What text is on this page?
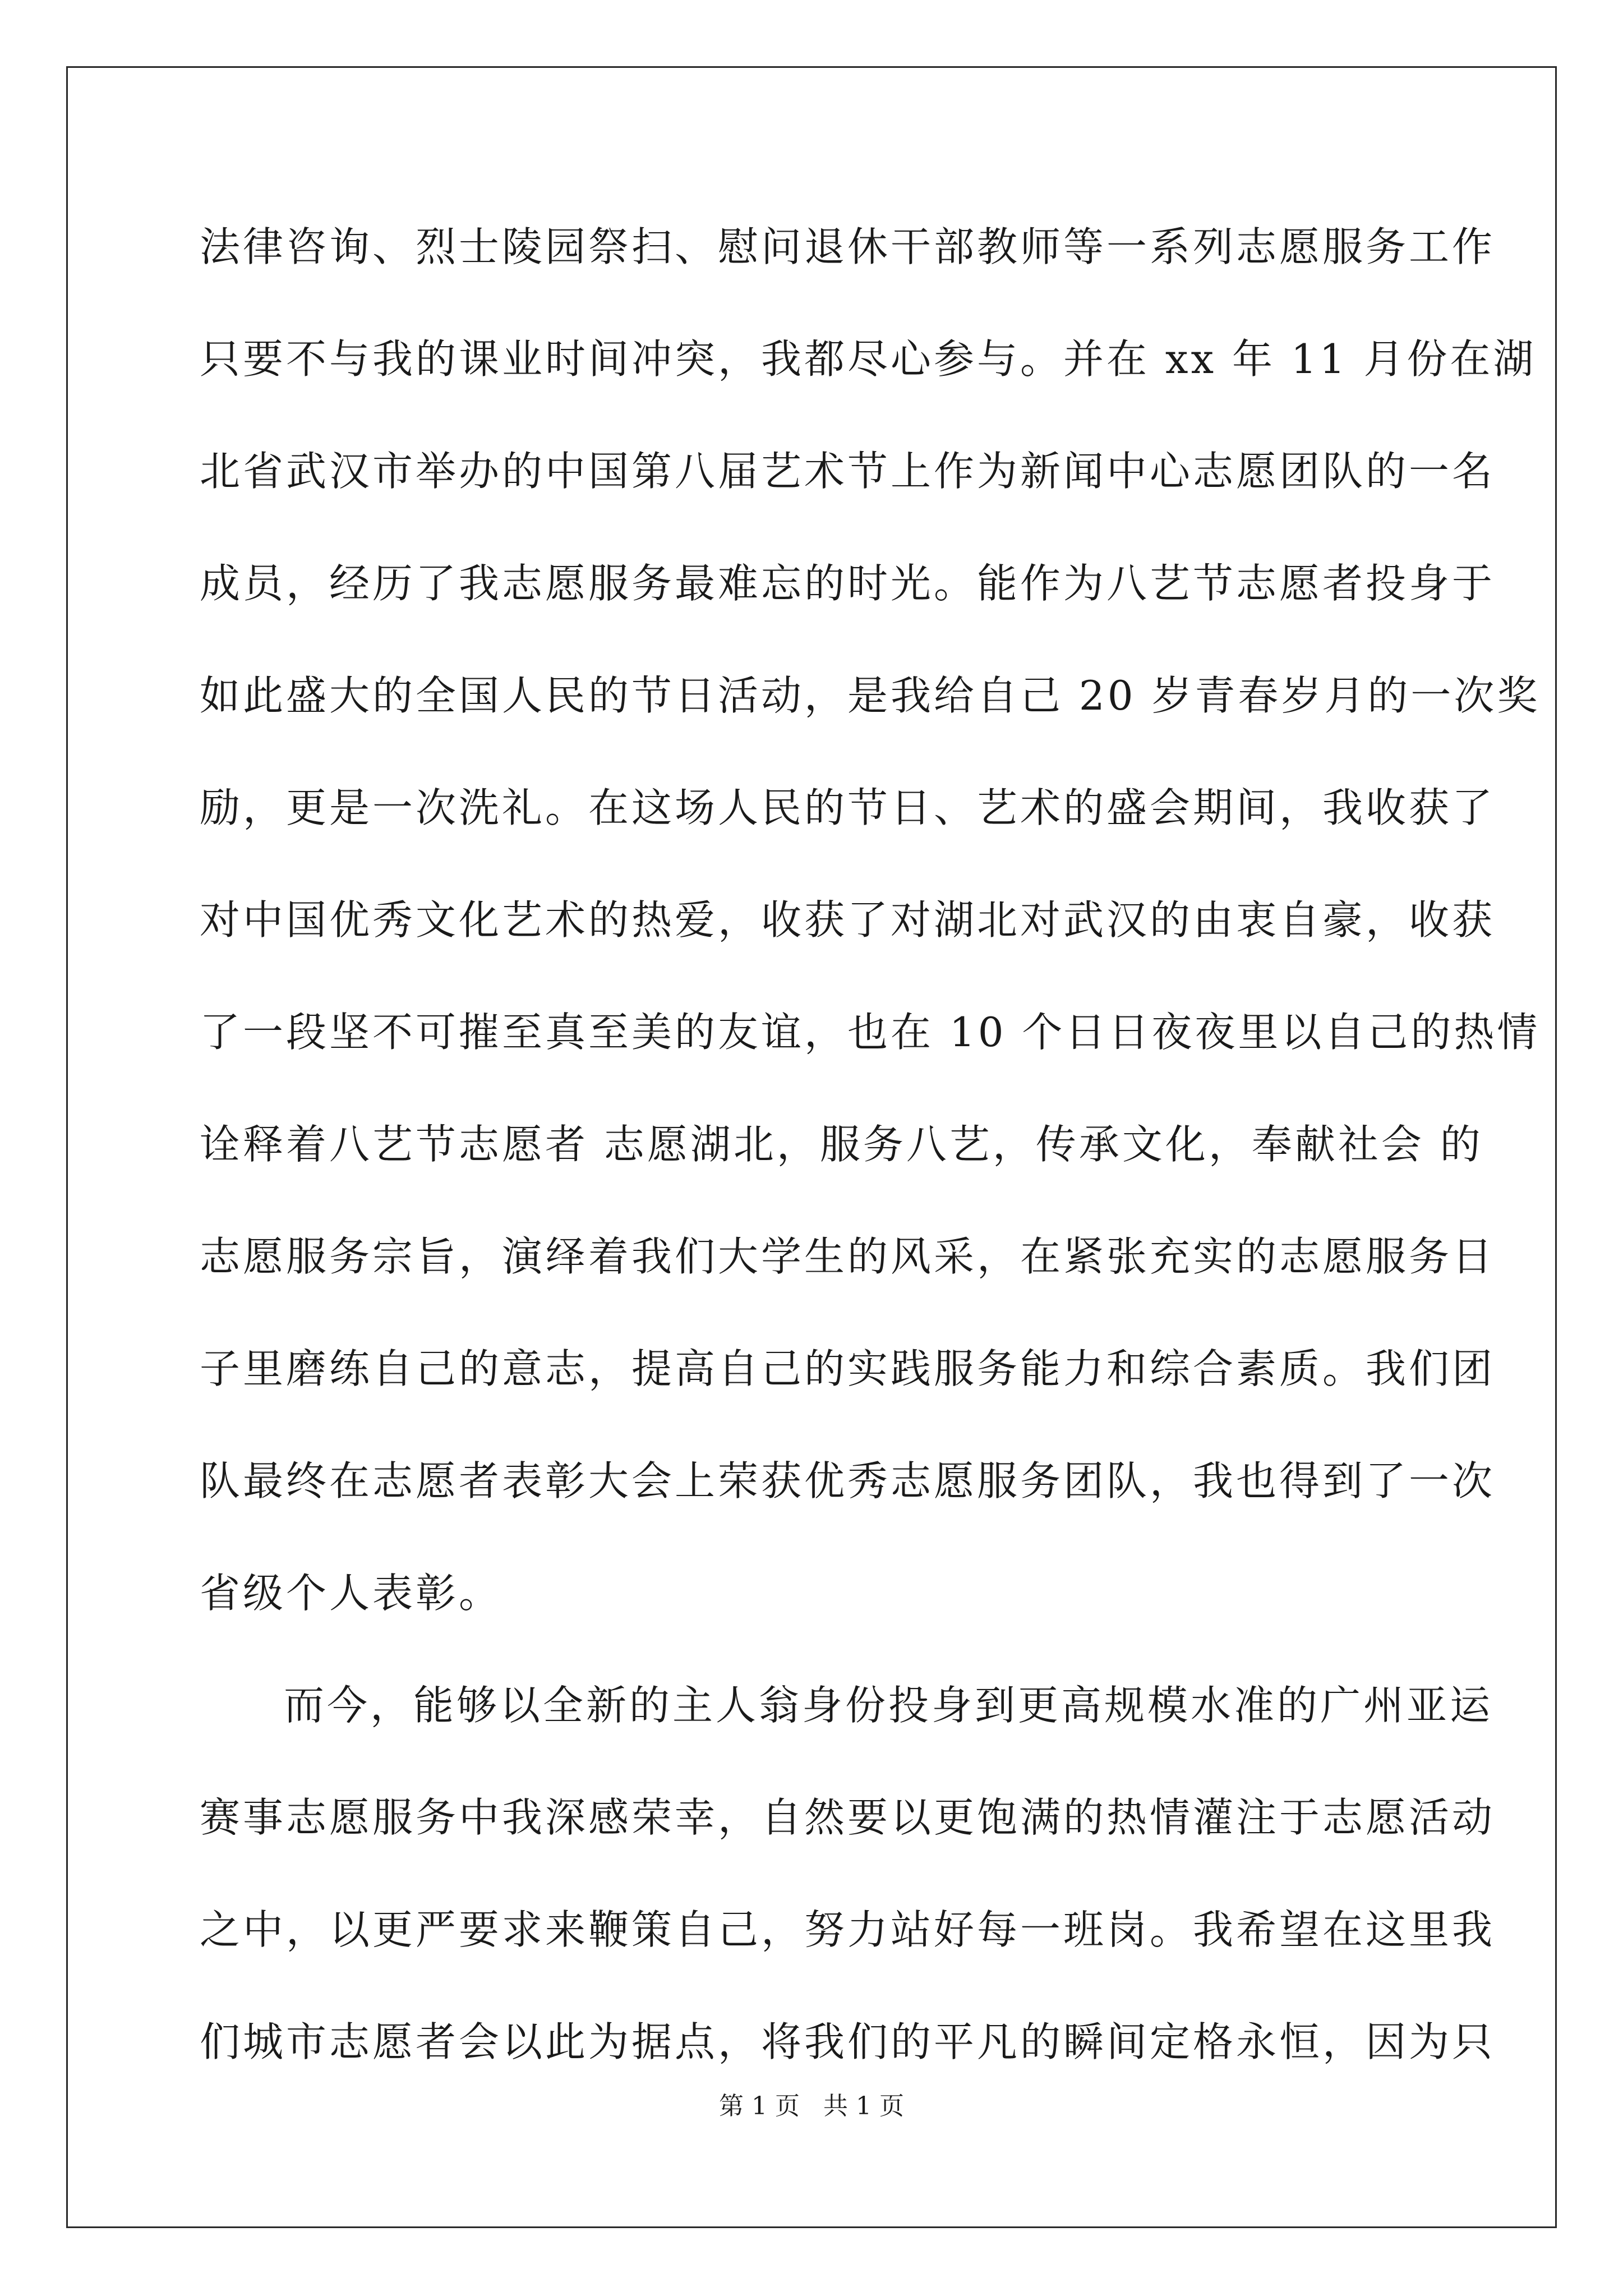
法律咨询、烈士陵园祭扫、慰问退休干部教师等一系列志愿服务工作
只要不与我的课业时间冲突，我都尽心参与。并在 xx 年 11 月份在湖
北省武汉市举办的中国第八届艺术节上作为新闻中心志愿团队的一名
成员，经历了我志愿服务最难忘的时光。能作为八艺节志愿者投身于
如此盛大的全国人民的节日活动，是我给自己 20 岁青春岁月的一次奖
励，更是一次洗礼。在这场人民的节日、艺术的盛会期间，我收获了
对中国优秀文化艺术的热爱，收获了对湖北对武汉的由衷自豪，收获
了一段坚不可摧至真至美的友谊，也在 10 个日日夜夜里以自己的热情
诠释着八艺节志愿者 志愿湖北，服务八艺，传承文化，奉献社会 的
志愿服务宗旨，演绎着我们大学生的风采，在紧张充实的志愿服务日
子里磨练自己的意志，提高自己的实践服务能力和综合素质。我们团
队最终在志愿者表彰大会上荣获优秀志愿服务团队，我也得到了一次
省级个人表彰。
而今，能够以全新的主人翁身份投身到更高规模水准的广州亚运
赛事志愿服务中我深感荣幸，自然要以更饱满的热情灌注于志愿活动
之中，以更严要求来鞭策自己，努力站好每一班岗。我希望在这里我
们城市志愿者会以此为据点，将我们的平凡的瞬间定格永恒，因为只
第 1 页   共 1 页
